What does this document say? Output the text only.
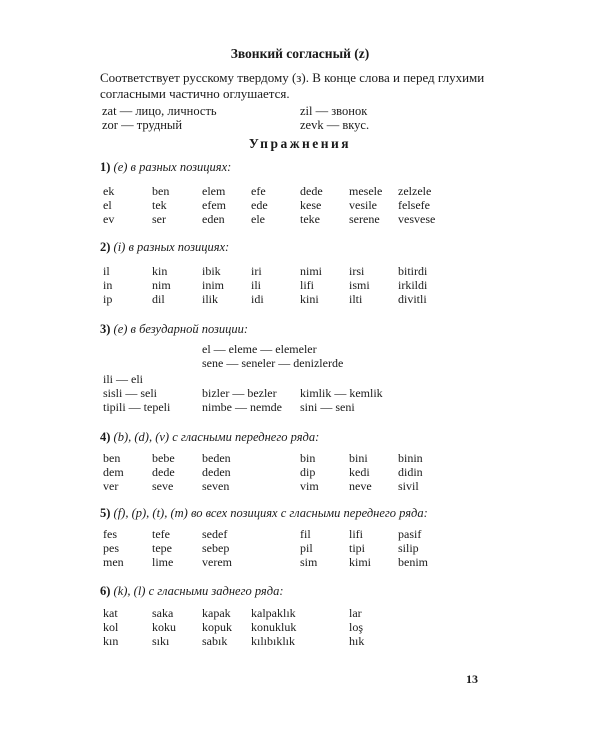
Звонкий согласный (z)
Соответствует русскому твердому (з). В конце слова и перед глухими согласными частично оглушается.
zat — лицо, личность	zil — звонок
zor — трудный	zevk — вкус.
Упражнения
1) (e) в разных позициях:
ek	ben	elem efe	dede mesele zelzele
el	tek	efem ede	kese vesile felsefe
ev	ser	eden ele	teke serene vesvese
2) (i) в разных позициях:
il	kin	ibik	iri	nimi irsi	bitirdi
in	nim	inim ili	lifi	ismi irkildi
ip	dil	ilik	idi	kini	ilti	divitli
3) (e) в безударной позиции:
el — eleme — elemeler
sene — seneler — denizlerde
ili — eli
sisli — seli	bizler — bezler kimlik — kemlik
tipili — tepeli	nimbe — nemde sini — seni
4) (b), (d), (v) с гласными переднего ряда:
ben	bebe beden	bin	bini	binin
dem dede deden	dip	kedi didin
ver	seve seven	vim	neve sivil
5) (f), (p), (t), (m) во всех позициях с гласными переднего ряда:
fes	tefe	sedef	fil	lifi	pasif
pes	tepe	sebep	pil	tipi	silip
men lime verem	sim	kimi benim
6) (k), (l) с гласными заднего ряда:
kat	saka kapak kalpaklık	lar
kol	koku kopuk konukluk	loş
kın	sıkı	sabık kılıbıklık	hık
13
